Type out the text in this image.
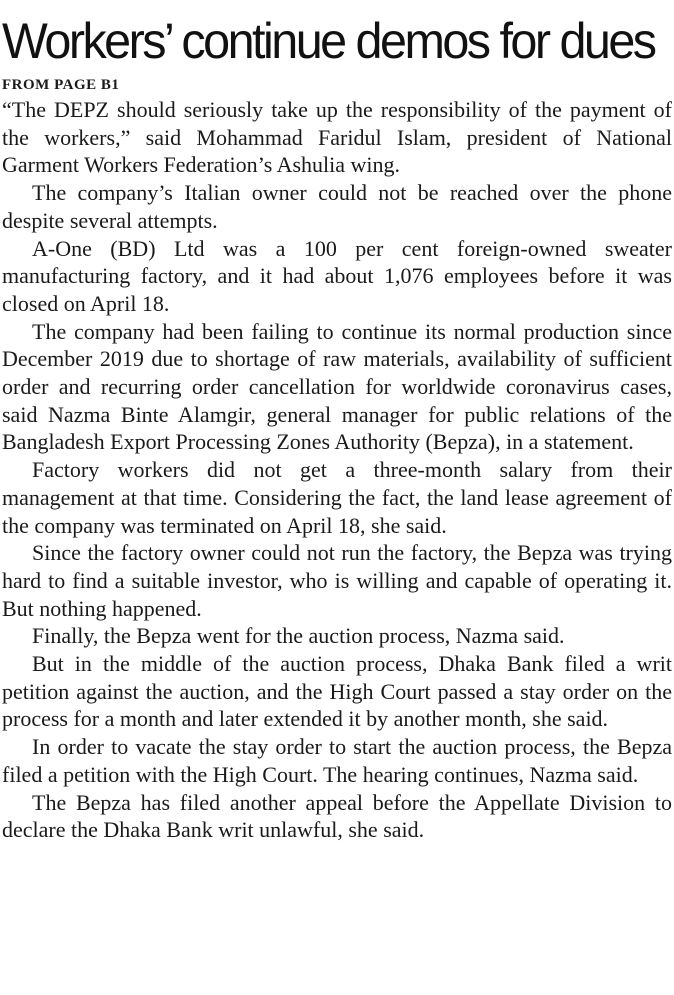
Workers’ continue demos for dues
FROM PAGE B1

“The DEPZ should seriously take up the responsibility of the payment of the workers,” said Mohammad Faridul Islam, president of National Garment Workers Federation’s Ashulia wing.

The company’s Italian owner could not be reached over the phone despite several attempts.

A-One (BD) Ltd was a 100 per cent foreign-owned sweater manufacturing factory, and it had about 1,076 employees before it was closed on April 18.

The company had been failing to continue its normal production since December 2019 due to shortage of raw materials, availability of sufficient order and recurring order cancellation for worldwide coronavirus cases, said Nazma Binte Alamgir, general manager for public relations of the Bangladesh Export Processing Zones Authority (Bepza), in a statement.

Factory workers did not get a three-month salary from their management at that time. Considering the fact, the land lease agreement of the company was terminated on April 18, she said.

Since the factory owner could not run the factory, the Bepza was trying hard to find a suitable investor, who is willing and capable of operating it. But nothing happened.

Finally, the Bepza went for the auction process, Nazma said.

But in the middle of the auction process, Dhaka Bank filed a writ petition against the auction, and the High Court passed a stay order on the process for a month and later extended it by another month, she said.

In order to vacate the stay order to start the auction process, the Bepza filed a petition with the High Court. The hearing continues, Nazma said.

The Bepza has filed another appeal before the Appellate Division to declare the Dhaka Bank writ unlawful, she said.
